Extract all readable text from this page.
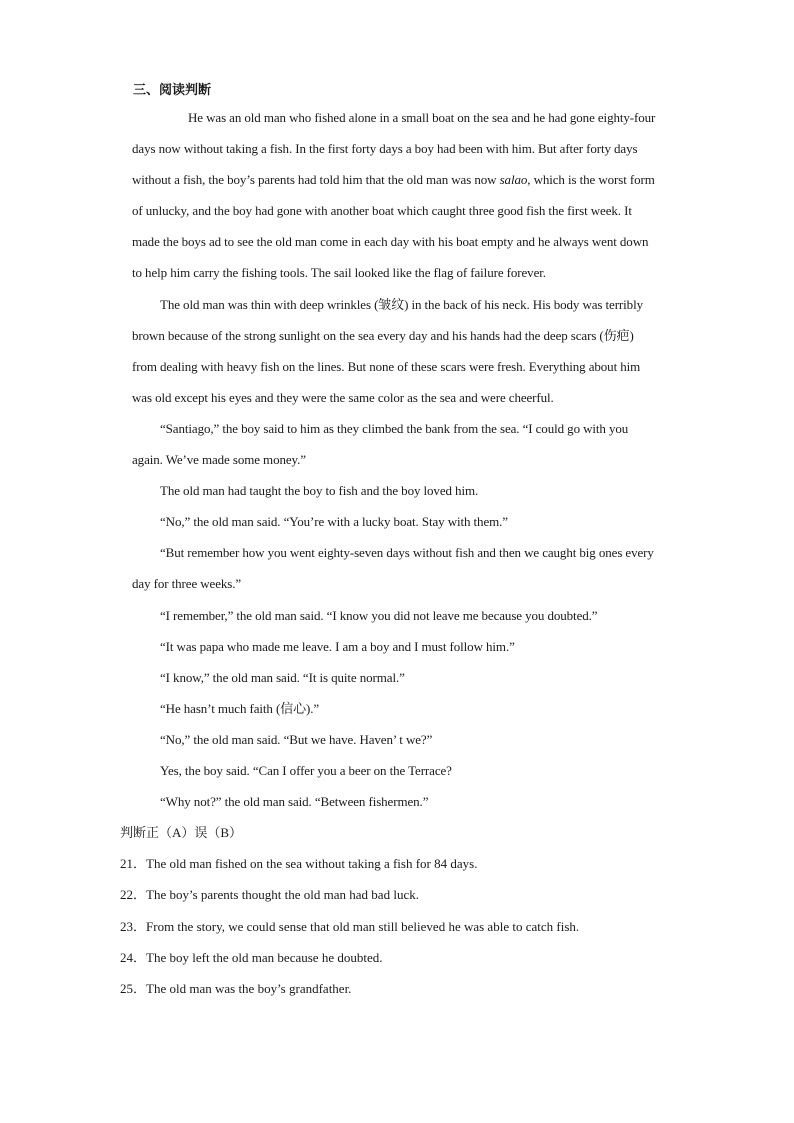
三、阅读判断

He was an old man who fished alone in a small boat on the sea and he had gone eighty-four days now without taking a fish. In the first forty days a boy had been with him. But after forty days without a fish, the boy’s parents had told him that the old man was now salao, which is the worst form of unlucky, and the boy had gone with another boat which caught three good fish the first week. It made the boys ad to see the old man come in each day with his boat empty and he always went down to help him carry the fishing tools. The sail looked like the flag of failure forever.

The old man was thin with deep wrinkles (皱纹) in the back of his neck. His body was terribly brown because of the strong sunlight on the sea every day and his hands had the deep scars (伤疤) from dealing with heavy fish on the lines. But none of these scars were fresh. Everything about him was old except his eyes and they were the same color as the sea and were cheerful.

“Santiago,” the boy said to him as they climbed the bank from the sea. “I could go with you again. We’ve made some money.”

The old man had taught the boy to fish and the boy loved him.

“No,” the old man said. “You’re with a lucky boat. Stay with them.”

“But remember how you went eighty-seven days without fish and then we caught big ones every day for three weeks.”

“I remember,” the old man said. “I know you did not leave me because you doubted.”

“It was papa who made me leave. I am a boy and I must follow him.”

“I know,” the old man said. “It is quite normal.”

“He hasn’t much faith (信心).”

“No,” the old man said. “But we have. Haven’ t we?”

Yes, the boy said. “Can I offer you a beer on the Terrace?

“Why not?” the old man said. “Between fishermen.”

判断正（A）误（B）
21．The old man fished on the sea without taking a fish for 84 days.
22．The boy’s parents thought the old man had bad luck.
23．From the story, we could sense that old man still believed he was able to catch fish.
24．The boy left the old man because he doubted.
25．The old man was the boy’s grandfather.
